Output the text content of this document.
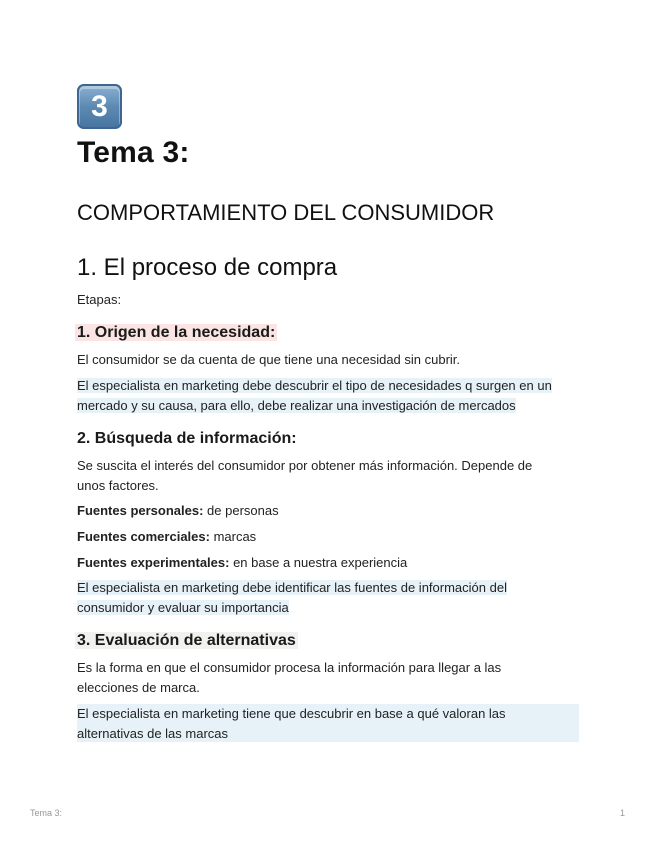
3
Tema 3:
COMPORTAMIENTO DEL CONSUMIDOR
1. El proceso de compra

Etapas:

1. Origen de la necesidad:

El consumidor se da cuenta de que tiene una necesidad sin cubrir.

El especialista en marketing debe descubrir el tipo de necesidades q surgen en un
mercado y su causa, para ello, debe realizar una investigación de mercados
2. Búsqueda de información:
Se suscita el interés del consumidor por obtener más información. Depende de
unos factores.

Fuentes personales: de personas

Fuentes comerciales: marcas

Fuentes experimentales: en base a nuestra experiencia

El especialista en marketing debe identificar las fuentes de información del
consumidor y evaluar su importancia
3. Evaluación de alternativas
Es la forma en que el consumidor procesa la información para llegar a las
elecciones de marca.
El especialista en marketing tiene que descubrir en base a qué valoran las
alternativas de las marcas
Tema 3:	1
